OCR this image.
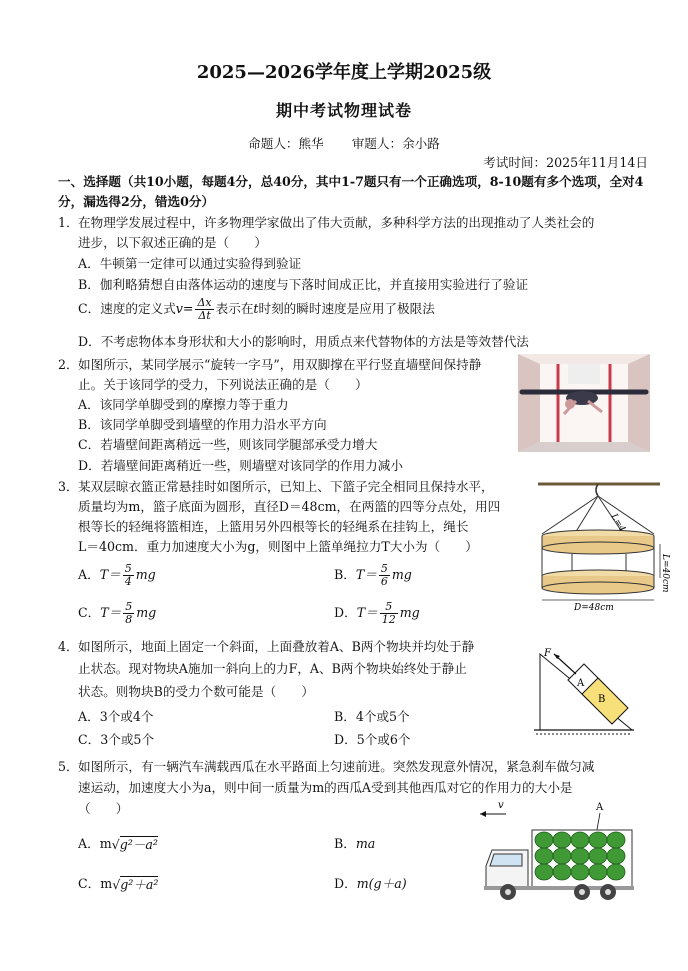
2025—2026学年度上学期2025级
期中考试物理试卷
命题人：熊华 审题人：余小路
考试时间：2025年11月14日
一、选择题（共10小题，每题4分，总40分，其中1-7题只有一个正确选项，8-10题有多个选项，全对4分，漏选得2分，错选0分）
1．在物理学发展过程中，许多物理学家做出了伟大贡献，多种科学方法的出现推动了人类社会的
进步，以下叙述正确的是（　　）
A．牛顿第一定律可以通过实验得到验证
B．伽利略猜想自由落体运动的速度与下落时间成正比，并直接用实验进行了验证
C．速度的定义式$v= \frac{\Delta x}{\Delta t}$ 表示在t时刻的瞬时速度是应用了极限法
D．不考虑物体本身形状和大小的影响时，用质点来代替物体的方法是等效替代法
2．如图所示，某同学展示“旋转一字马”，用双脚撑在平行竖直墙壁间保持静
止。关于该同学的受力，下列说法正确的是（　　）
A．该同学单脚受到的摩擦力等于重力
B．该同学单脚受到墙壁的作用力沿水平方向
C．若墙壁间距离稍远一些，则该同学腿部承受力增大
D．若墙壁间距离稍近一些，则墙壁对该同学的作用力减小
3．某双层晾衣篮正常悬挂时如图所示，已知上、下篮子完全相同且保持水平，
质量均为m，篮子底面为圆形，直径D＝48cm，在两篮的四等分点处，用四
根等长的轻绳将篮相连，上篮用另外四根等长的轻绳系在挂钩上，绳长
L＝40cm．重力加速度大小为g，则图中上篮单绳拉力T大小为（　　）
A．$T= \frac{5}{4}$ mg	B．$T= \frac{5}{6}$ mg
C．$T= \frac{5}{8}$ mg	D．$T= \frac{5}{12}$ mg
L=40cm
D=48cm
4．如图所示，地面上固定一个斜面，上面叠放着A、B两个物块并均处于静
止状态。现对物块A施加一斜向上的力F，A、B两个物块始终处于静止
状态。则物块B的受力个数可能是（　　）
A．3个或4个	B．4个或5个
C．3个或5个	D．5个或6个
A
B
F
5．如图所示，有一辆汽车满载西瓜在水平路面上匀速前进。突然发现意外情况，紧急刹车做匀减
速运动，加速度大小为a，则中间一质量为m的西瓜A受到其他西瓜对它的作用力的大小是
（　　）
A．m√g²－a²	B．ma
C．m√g²＋a²	D．m(g＋a)
v	A
